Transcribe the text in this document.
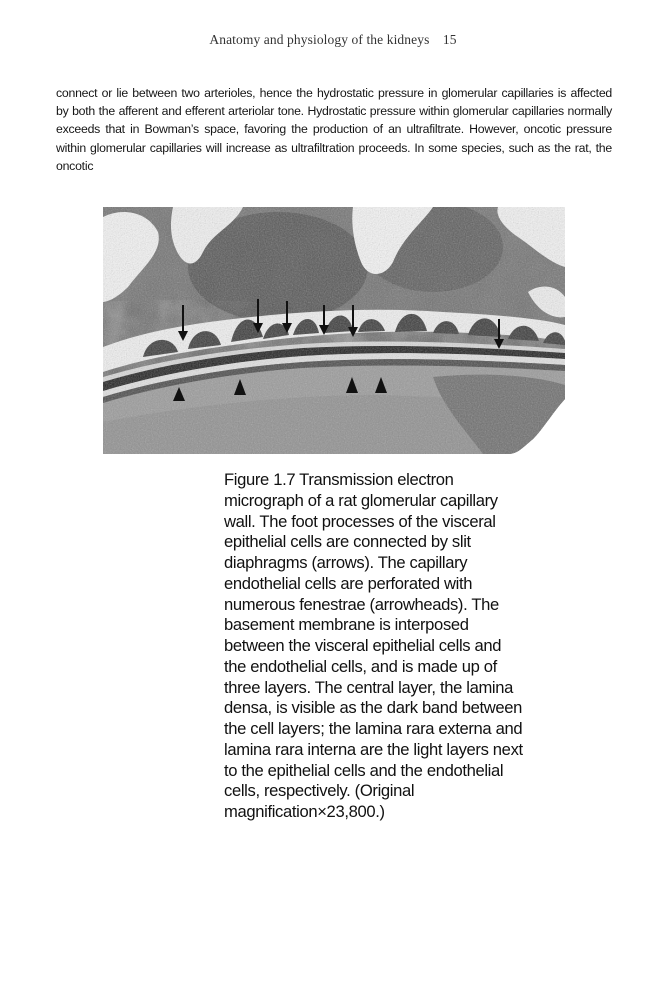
Anatomy and physiology of the kidneys 15

connect or lie between two arterioles, hence the hydrostatic pressure in glomerular capillaries is affected by both the afferent and efferent arteriolar tone. Hydrostatic pressure within glomerular capillaries normally exceeds that in Bowman’s space, favoring the production of an ultrafiltrate. However, oncotic pressure within glomerular capillaries will increase as ultrafiltration proceeds. In some species, such as the rat, the oncotic

Figure 1.7 Transmission electron micrograph of a rat glomerular capillary wall. The foot processes of the visceral epithelial cells are connected by slit diaphragms (arrows). The capillary endothelial cells are perforated with numerous fenestrae (arrowheads). The basement membrane is interposed between the visceral epithelial cells and the endothelial cells, and is made up of three layers. The central layer, the lamina densa, is visible as the dark band between the cell layers; the lamina rara externa and lamina rara interna are the light layers next to the epithelial cells and the endothelial cells, respectively. (Original magnification×23,800.)
